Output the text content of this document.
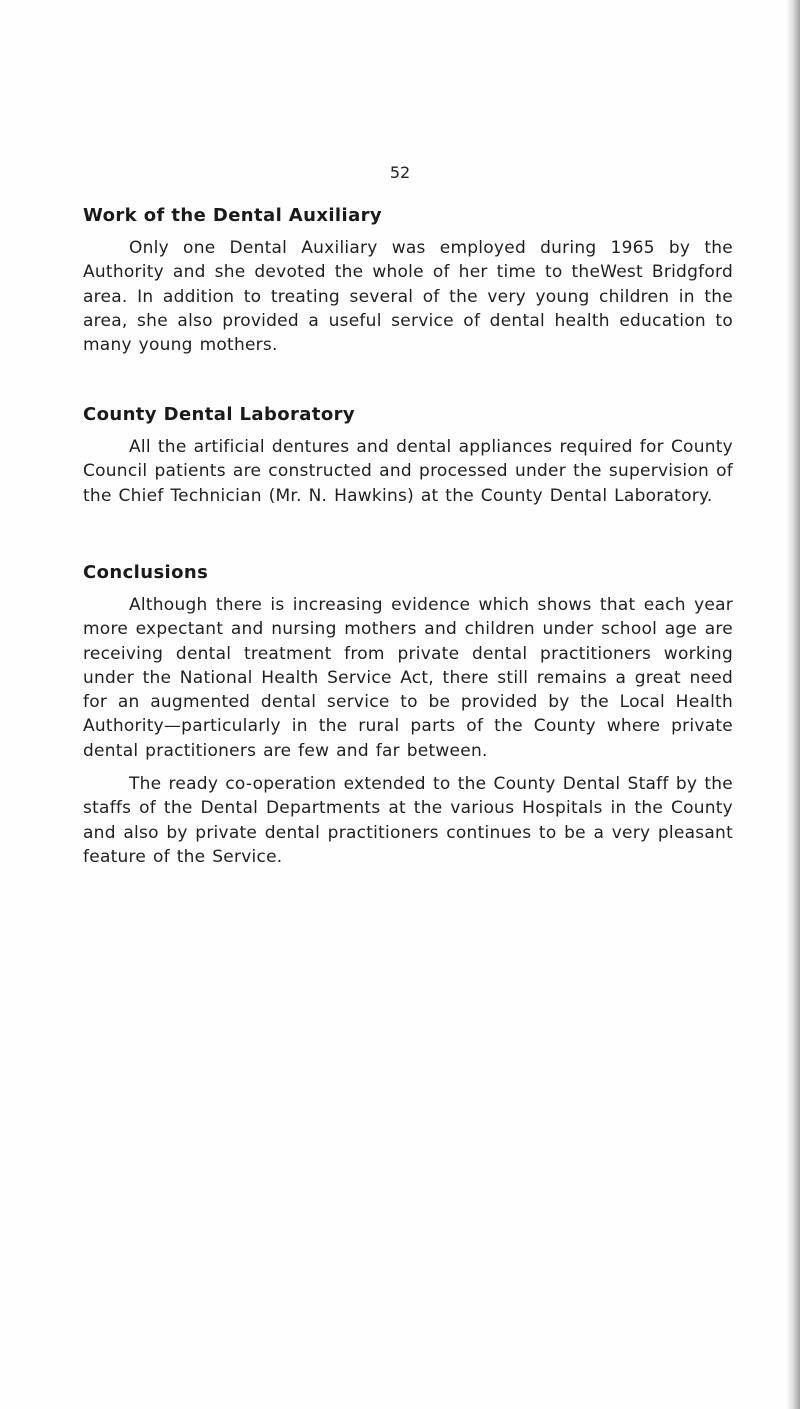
52
Work of the Dental Auxiliary

Only one Dental Auxiliary was employed during 1965 by the Authority and she devoted the whole of her time to theWest Bridgford area. In addition to treating several of the very young children in the area, she also provided a useful service of dental health education to many young mothers.

County Dental Laboratory

All the artificial dentures and dental appliances required for County Council patients are constructed and processed under the supervision of the Chief Technician (Mr. N. Hawkins) at the County Dental Laboratory.

Conclusions

Although there is increasing evidence which shows that each year more expectant and nursing mothers and children under school age are receiving dental treatment from private dental practitioners working under the National Health Service Act, there still remains a great need for an augmented dental service to be provided by the Local Health Authority—particularly in the rural parts of the County where private dental practitioners are few and far between.

The ready co-operation extended to the County Dental Staff by the staffs of the Dental Departments at the various Hospitals in the County and also by private dental practitioners continues to be a very pleasant feature of the Service.
